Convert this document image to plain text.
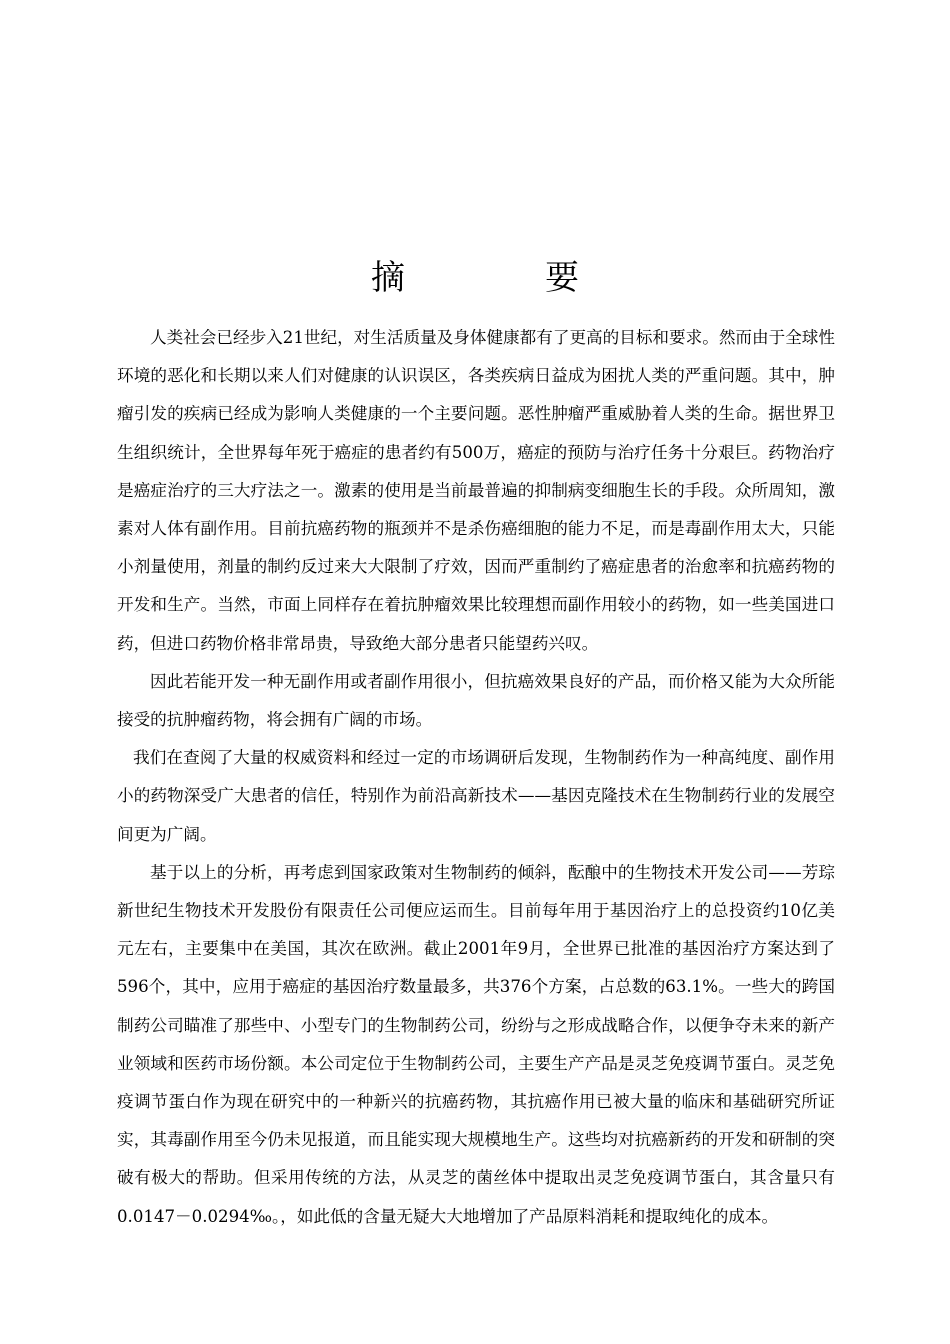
摘	要

人类社会已经步入21世纪，对生活质量及身体健康都有了更高的目标和要求。然而由于全球性环境的恶化和长期以来人们对健康的认识误区，各类疾病日益成为困扰人类的严重问题。其中，肿瘤引发的疾病已经成为影响人类健康的一个主要问题。恶性肿瘤严重威胁着人类的生命。据世界卫生组织统计，全世界每年死于癌症的患者约有500万，癌症的预防与治疗任务十分艰巨。药物治疗是癌症治疗的三大疗法之一。激素的使用是当前最普遍的抑制病变细胞生长的手段。众所周知，激素对人体有副作用。目前抗癌药物的瓶颈并不是杀伤癌细胞的能力不足，而是毒副作用太大，只能小剂量使用，剂量的制约反过来大大限制了疗效，因而严重制约了癌症患者的治愈率和抗癌药物的开发和生产。当然，市面上同样存在着抗肿瘤效果比较理想而副作用较小的药物，如一些美国进口药，但进口药物价格非常昂贵，导致绝大部分患者只能望药兴叹。

因此若能开发一种无副作用或者副作用很小，但抗癌效果良好的产品，而价格又能为大众所能接受的抗肿瘤药物，将会拥有广阔的市场。

我们在查阅了大量的权威资料和经过一定的市场调研后发现，生物制药作为一种高纯度、副作用小的药物深受广大患者的信任，特别作为前沿高新技术——基因克隆技术在生物制药行业的发展空间更为广阔。

基于以上的分析，再考虑到国家政策对生物制药的倾斜，酝酿中的生物技术开发公司——芳琮新世纪生物技术开发股份有限责任公司便应运而生。目前每年用于基因治疗上的总投资约10亿美元左右，主要集中在美国，其次在欧洲。截止2001年9月，全世界已批准的基因治疗方案达到了596个，其中，应用于癌症的基因治疗数量最多，共376个方案，占总数的63.1%。一些大的跨国制药公司瞄准了那些中、小型专门的生物制药公司，纷纷与之形成战略合作，以便争夺未来的新产业领域和医药市场份额。本公司定位于生物制药公司，主要生产产品是灵芝免疫调节蛋白。灵芝免疫调节蛋白作为现在研究中的一种新兴的抗癌药物，其抗癌作用已被大量的临床和基础研究所证实，其毒副作用至今仍未见报道，而且能实现大规模地生产。这些均对抗癌新药的开发和研制的突破有极大的帮助。但采用传统的方法，从灵芝的菌丝体中提取出灵芝免疫调节蛋白，其含量只有 0.0147－0.0294‰。，如此低的含量无疑大大地增加了产品原料消耗和提取纯化的成本。
